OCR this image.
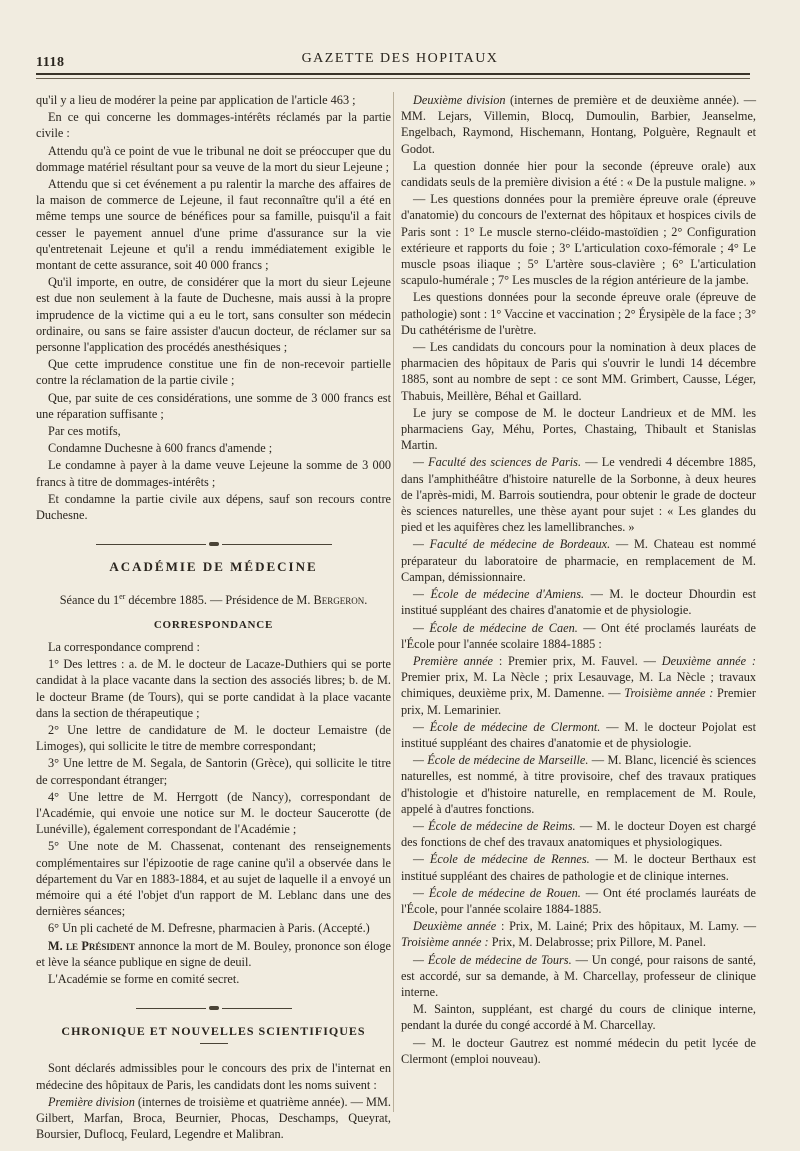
1118	GAZETTE DES HOPITAUX

qu'il y a lieu de modérer la peine par application de l'article 463 ;

En ce qui concerne les dommages-intérêts réclamés par la partie civile :

Attendu qu'à ce point de vue le tribunal ne doit se préoccuper que du dommage matériel résultant pour sa veuve de la mort du sieur Lejeune ;

Attendu que si cet événement a pu ralentir la marche des affaires de la maison de commerce de Lejeune, il faut reconnaître qu'il a été en même temps une source de bénéfices pour sa famille, puisqu'il a fait cesser le payement annuel d'une prime d'assurance sur la vie qu'entretenait Lejeune et qu'il a rendu immédiatement exigible le montant de cette assurance, soit 40 000 francs ;

Qu'il importe, en outre, de considérer que la mort du sieur Lejeune est due non seulement à la faute de Duchesne, mais aussi à la propre imprudence de la victime qui a eu le tort, sans consulter son médecin ordinaire, ou sans se faire assister d'aucun docteur, de réclamer sur sa personne l'application des procédés anesthésiques ;

Que cette imprudence constitue une fin de non-recevoir partielle contre la réclamation de la partie civile ;

Que, par suite de ces considérations, une somme de 3 000 francs est une réparation suffisante ;

Par ces motifs,

Condamne Duchesne à 600 francs d'amende ;

Le condamne à payer à la dame veuve Lejeune la somme de 3 000 francs à titre de dommages-intérêts ;

Et condamne la partie civile aux dépens, sauf son recours contre Duchesne.

ACADÉMIE DE MÉDECINE

Séance du 1er décembre 1885. — Présidence de M. Bergeron.

CORRESPONDANCE

La correspondance comprend :

1° Des lettres : a. de M. le docteur de Lacaze-Duthiers qui se porte candidat à la place vacante dans la section des associés libres; b. de M. le docteur Brame (de Tours), qui se porte candidat à la place vacante dans la section de thérapeutique ;

2° Une lettre de candidature de M. le docteur Lemaistre (de Limoges), qui sollicite le titre de membre correspondant;

3° Une lettre de M. Segala, de Santorin (Grèce), qui sollicite le titre de correspondant étranger;

4° Une lettre de M. Herrgott (de Nancy), correspondant de l'Académie, qui envoie une notice sur M. le docteur Saucerotte (de Lunéville), également correspondant de l'Académie ;

5° Une note de M. Chassenat, contenant des renseignements complémentaires sur l'épizootie de rage canine qu'il a observée dans le département du Var en 1883-1884, et au sujet de laquelle il a envoyé un mémoire qui a été l'objet d'un rapport de M. Leblanc dans une des dernières séances;

6° Un pli cacheté de M. Defresne, pharmacien à Paris. (Accepté.)

M. le Président annonce la mort de M. Bouley, prononce son éloge et lève la séance publique en signe de deuil.

L'Académie se forme en comité secret.

CHRONIQUE ET NOUVELLES SCIENTIFIQUES

Sont déclarés admissibles pour le concours des prix de l'internat en médecine des hôpitaux de Paris, les candidats dont les noms suivent :

Première division (internes de troisième et quatrième année). — MM. Gilbert, Marfan, Broca, Beurnier, Phocas, Deschamps, Queyrat, Boursier, Duflocq, Feulard, Legendre et Malibran.

Deuxième division (internes de première et de deuxième année). — MM. Lejars, Villemin, Blocq, Dumoulin, Barbier, Jeanselme, Engelbach, Raymond, Hischemann, Hontang, Polguère, Regnault et Godot.

La question donnée hier pour la seconde (épreuve orale) aux candidats seuls de la première division a été : « De la pustule maligne. »

— Les questions données pour la première épreuve orale (épreuve d'anatomie) du concours de l'externat des hôpitaux et hospices civils de Paris sont : 1° Le muscle sterno-cléido-mastoïdien ; 2° Configuration extérieure et rapports du foie ; 3° L'articulation coxo-fémorale ; 4° Le muscle psoas iliaque ; 5° L'artère sous-clavière ; 6° L'articulation scapulo-humérale ; 7° Les muscles de la région antérieure de la jambe.

Les questions données pour la seconde épreuve orale (épreuve de pathologie) sont : 1° Vaccine et vaccination ; 2° Érysipèle de la face ; 3° Du cathétérisme de l'urètre.

— Les candidats du concours pour la nomination à deux places de pharmacien des hôpitaux de Paris qui s'ouvrir le lundi 14 décembre 1885, sont au nombre de sept : ce sont MM. Grimbert, Causse, Léger, Thabuis, Meillère, Béhal et Gaillard.

Le jury se compose de M. le docteur Landrieux et de MM. les pharmaciens Gay, Méhu, Portes, Chastaing, Thibault et Stanislas Martin.

— Faculté des sciences de Paris. — Le vendredi 4 décembre 1885, dans l'amphithéâtre d'histoire naturelle de la Sorbonne, à deux heures de l'après-midi, M. Barrois soutiendra, pour obtenir le grade de docteur ès sciences naturelles, une thèse ayant pour sujet : « Les glandes du pied et les aquifères chez les lamellibranches. »

— Faculté de médecine de Bordeaux. — M. Chateau est nommé préparateur du laboratoire de pharmacie, en remplacement de M. Campan, démissionnaire.

— École de médecine d'Amiens. — M. le docteur Dhourdin est institué suppléant des chaires d'anatomie et de physiologie.

— École de médecine de Caen. — Ont été proclamés lauréats de l'École pour l'année scolaire 1884-1885 :

Première année : Premier prix, M. Fauvel. — Deuxième année : Premier prix, M. La Nècle ; prix Lesauvage, M. La Nècle ; travaux chimiques, deuxième prix, M. Damenne. — Troisième année : Premier prix, M. Lemarinier.

— École de médecine de Clermont. — M. le docteur Pojolat est institué suppléant des chaires d'anatomie et de physiologie.

— École de médecine de Marseille. — M. Blanc, licencié ès sciences naturelles, est nommé, à titre provisoire, chef des travaux pratiques d'histologie et d'histoire naturelle, en remplacement de M. Roule, appelé à d'autres fonctions.

— École de médecine de Reims. — M. le docteur Doyen est chargé des fonctions de chef des travaux anatomiques et physiologiques.

— École de médecine de Rennes. — M. le docteur Berthaux est institué suppléant des chaires de pathologie et de clinique internes.

— École de médecine de Rouen. — Ont été proclamés lauréats de l'École, pour l'année scolaire 1884-1885.

Deuxième année : Prix, M. Lainé; Prix des hôpitaux, M. Lamy. — Troisième année : Prix, M. Delabrosse; prix Pillore, M. Panel.

— École de médecine de Tours. — Un congé, pour raisons de santé, est accordé, sur sa demande, à M. Charcellay, professeur de clinique interne.

M. Sainton, suppléant, est chargé du cours de clinique interne, pendant la durée du congé accordé à M. Charcellay.

— M. le docteur Gautrez est nommé médecin du petit lycée de Clermont (emploi nouveau).
